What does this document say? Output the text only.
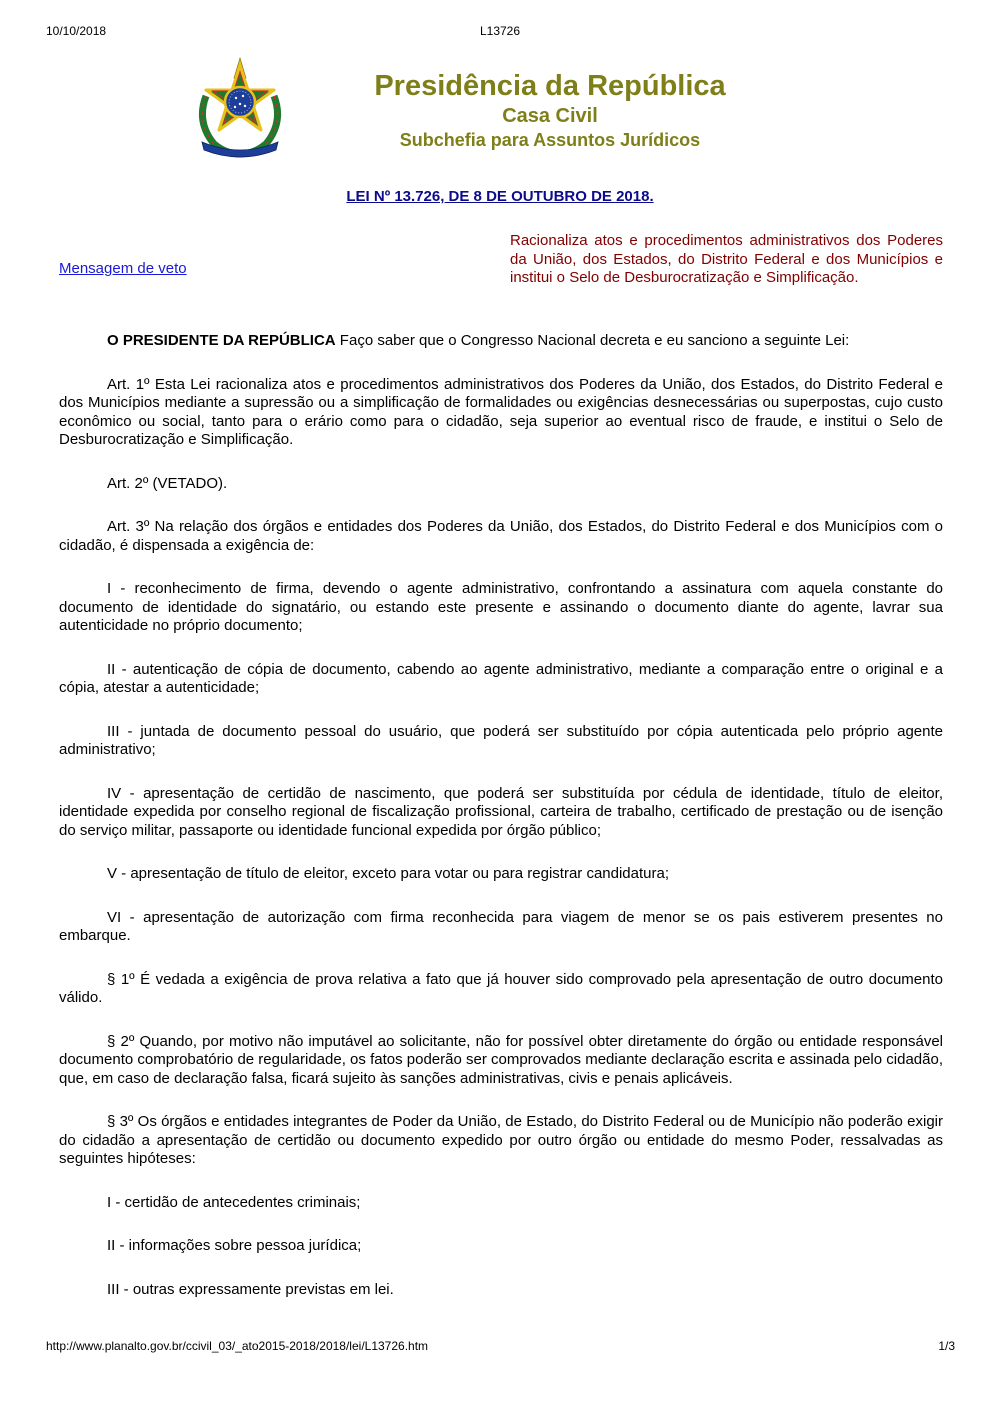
L13726
10/10/2018
Presidência da República
Casa Civil
Subchefia para Assuntos Jurídicos
LEI Nº 13.726, DE 8 DE OUTUBRO DE 2018.
Mensagem de veto
Racionaliza atos e procedimentos administrativos dos Poderes da União, dos Estados, do Distrito Federal e dos Municípios e institui o Selo de Desburocratização e Simplificação.

O PRESIDENTE DA REPÚBLICA Faço saber que o Congresso Nacional decreta e eu sanciono a seguinte Lei:

Art. 1º Esta Lei racionaliza atos e procedimentos administrativos dos Poderes da União, dos Estados, do Distrito Federal e dos Municípios mediante a supressão ou a simplificação de formalidades ou exigências desnecessárias ou superpostas, cujo custo econômico ou social, tanto para o erário como para o cidadão, seja superior ao eventual risco de fraude, e institui o Selo de Desburocratização e Simplificação.

Art. 2º (VETADO).

Art. 3º Na relação dos órgãos e entidades dos Poderes da União, dos Estados, do Distrito Federal e dos Municípios com o cidadão, é dispensada a exigência de:

I - reconhecimento de firma, devendo o agente administrativo, confrontando a assinatura com aquela constante do documento de identidade do signatário, ou estando este presente e assinando o documento diante do agente, lavrar sua autenticidade no próprio documento;

II - autenticação de cópia de documento, cabendo ao agente administrativo, mediante a comparação entre o original e a cópia, atestar a autenticidade;

III - juntada de documento pessoal do usuário, que poderá ser substituído por cópia autenticada pelo próprio agente administrativo;

IV - apresentação de certidão de nascimento, que poderá ser substituída por cédula de identidade, título de eleitor, identidade expedida por conselho regional de fiscalização profissional, carteira de trabalho, certificado de prestação ou de isenção do serviço militar, passaporte ou identidade funcional expedida por órgão público;

V - apresentação de título de eleitor, exceto para votar ou para registrar candidatura;

VI - apresentação de autorização com firma reconhecida para viagem de menor se os pais estiverem presentes no embarque.

§ 1º É vedada a exigência de prova relativa a fato que já houver sido comprovado pela apresentação de outro documento válido.

§ 2º Quando, por motivo não imputável ao solicitante, não for possível obter diretamente do órgão ou entidade responsável documento comprobatório de regularidade, os fatos poderão ser comprovados mediante declaração escrita e assinada pelo cidadão, que, em caso de declaração falsa, ficará sujeito às sanções administrativas, civis e penais aplicáveis.

§ 3º Os órgãos e entidades integrantes de Poder da União, de Estado, do Distrito Federal ou de Município não poderão exigir do cidadão a apresentação de certidão ou documento expedido por outro órgão ou entidade do mesmo Poder, ressalvadas as seguintes hipóteses:

I - certidão de antecedentes criminais;

II - informações sobre pessoa jurídica;

III - outras expressamente previstas em lei.

http://www.planalto.gov.br/ccivil_03/_ato2015-2018/2018/lei/L13726.htm	1/3
